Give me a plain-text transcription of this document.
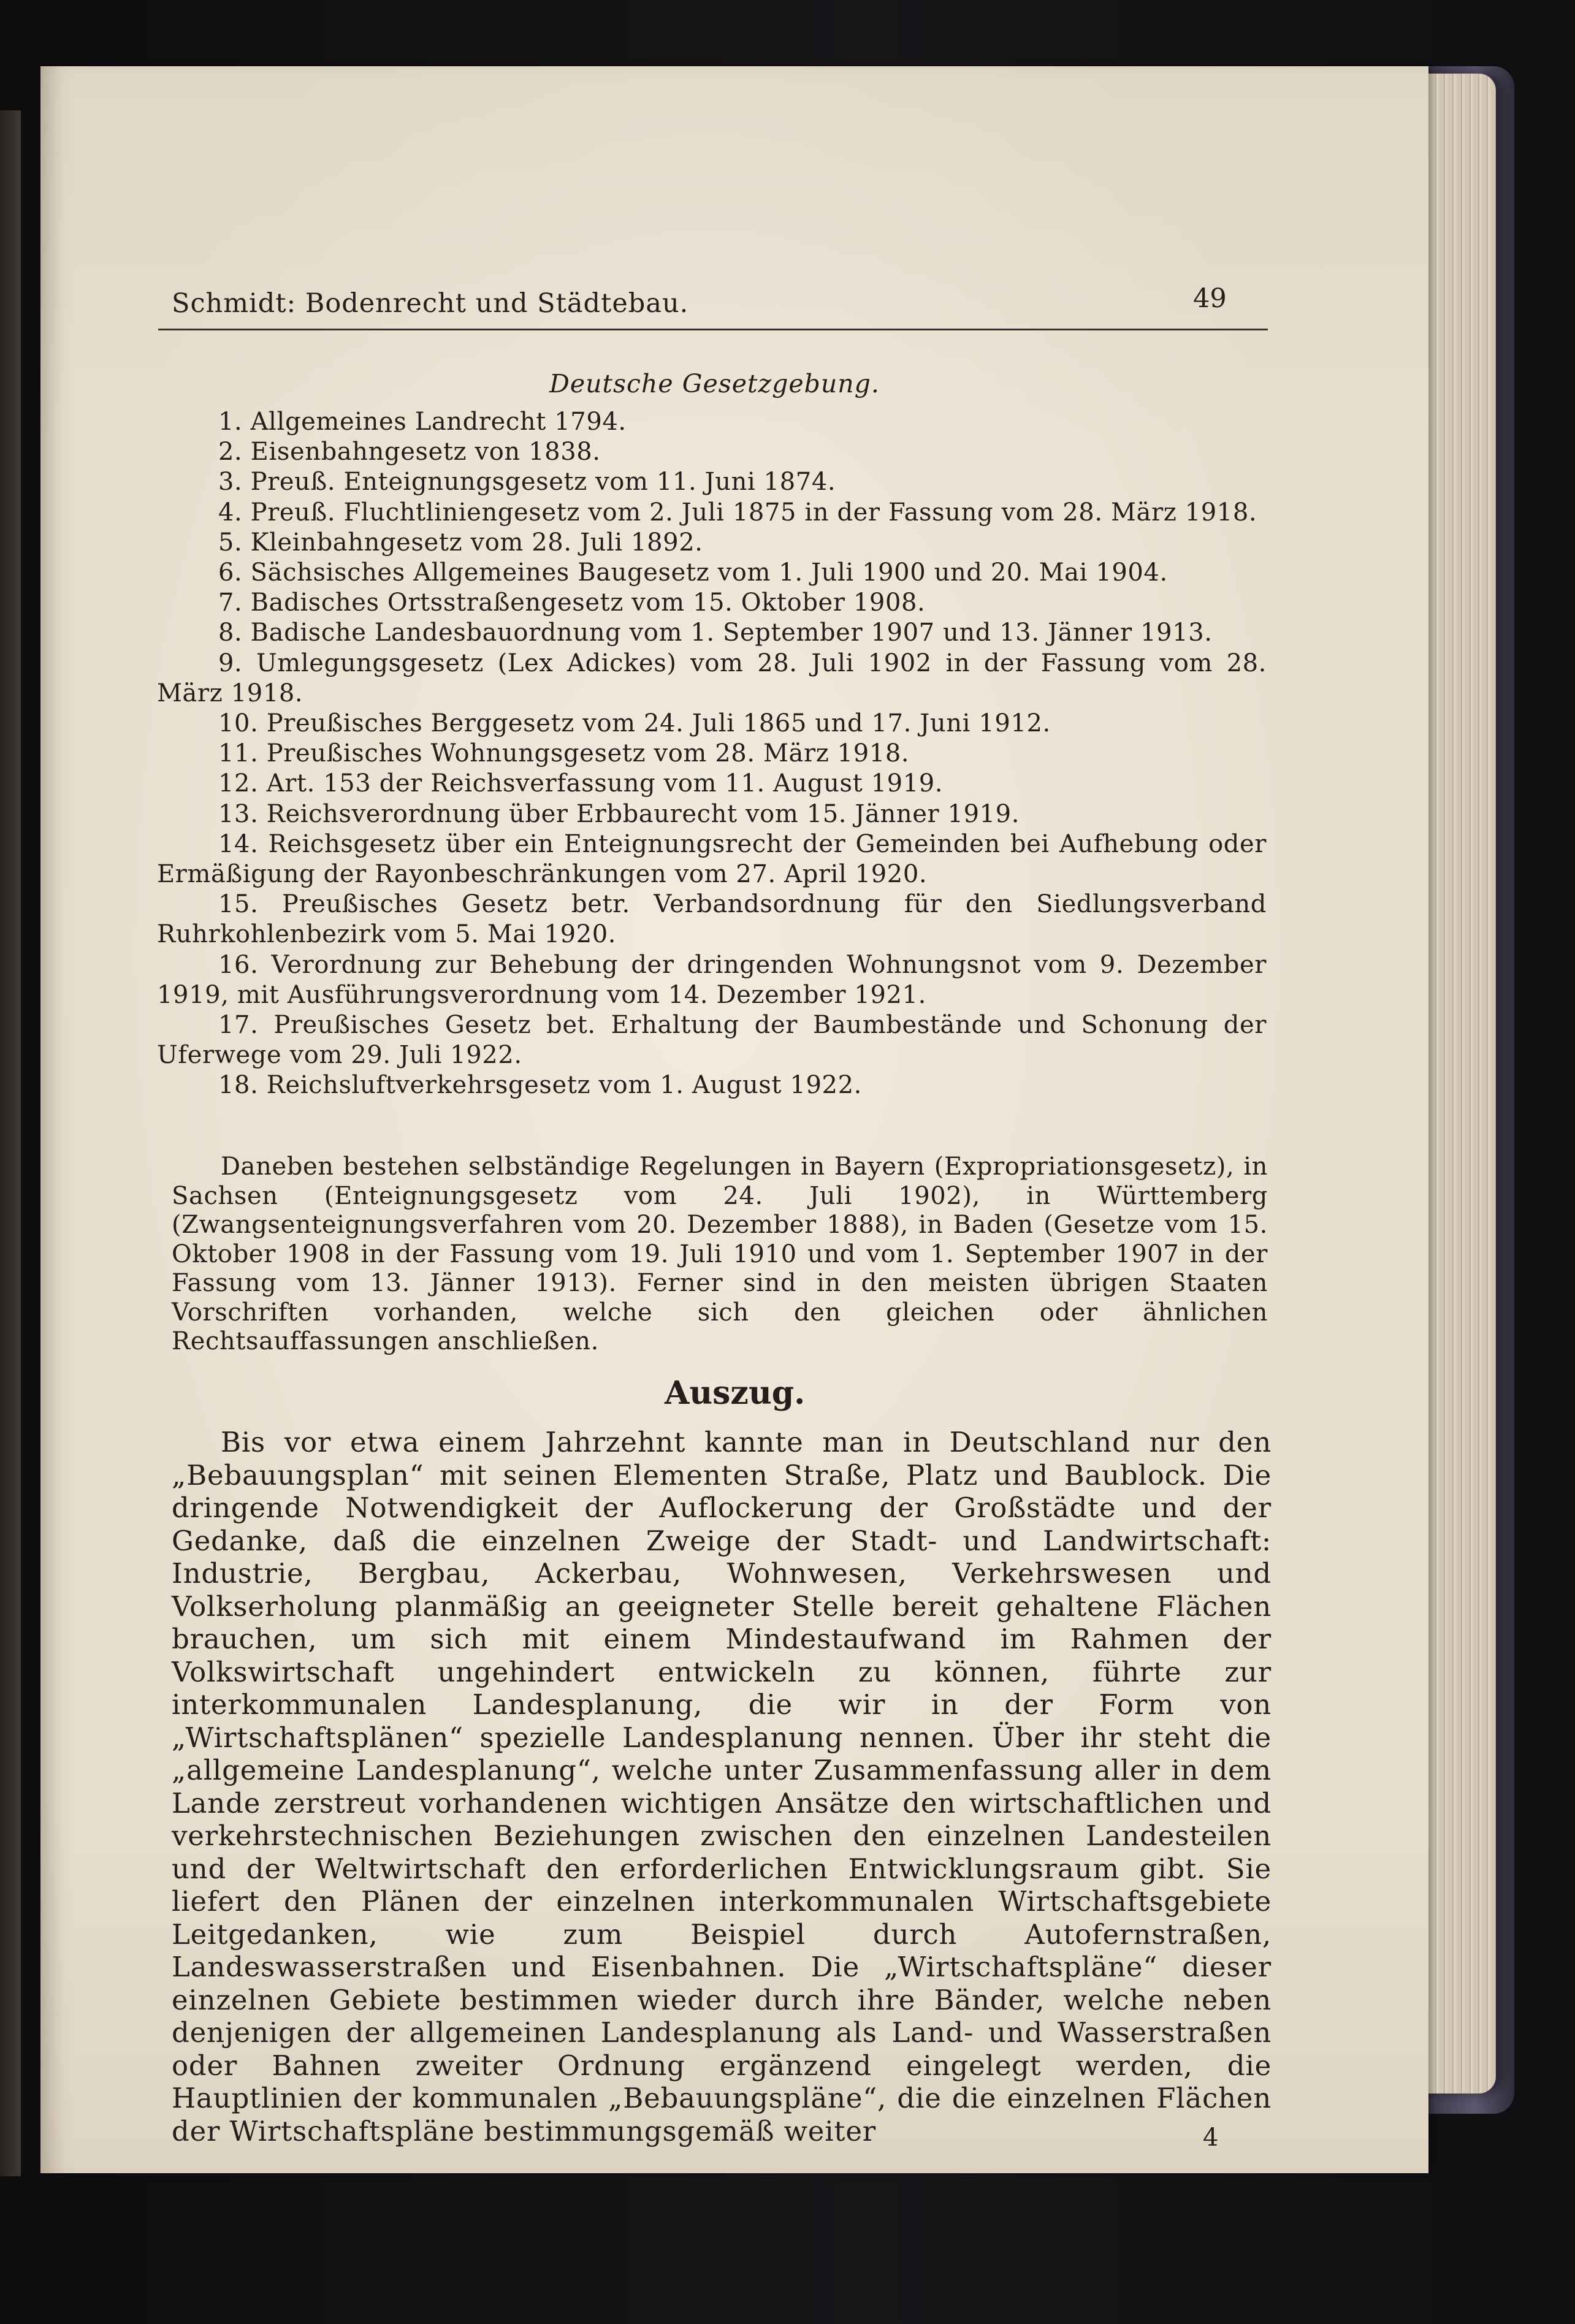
Schmidt: Bodenrecht und Städtebau.	49

Deutsche Gesetzgebung.

1. Allgemeines Landrecht 1794.
2. Eisenbahngesetz von 1838.
3. Preuß. Enteignungsgesetz vom 11. Juni 1874.
4. Preuß. Fluchtliniengesetz vom 2. Juli 1875 in der Fassung vom 28. März 1918.
5. Kleinbahngesetz vom 28. Juli 1892.
6. Sächsisches Allgemeines Baugesetz vom 1. Juli 1900 und 20. Mai 1904.
7. Badisches Ortsstraßengesetz vom 15. Oktober 1908.
8. Badische Landesbauordnung vom 1. September 1907 und 13. Jänner 1913.
9. Umlegungsgesetz (Lex Adickes) vom 28. Juli 1902 in der Fassung vom 28. März 1918.
10. Preußisches Berggesetz vom 24. Juli 1865 und 17. Juni 1912.
11. Preußisches Wohnungsgesetz vom 28. März 1918.
12. Art. 153 der Reichsverfassung vom 11. August 1919.
13. Reichsverordnung über Erbbaurecht vom 15. Jänner 1919.
14. Reichsgesetz über ein Enteignungsrecht der Gemeinden bei Aufhebung oder Ermäßigung der Rayonbeschränkungen vom 27. April 1920.
15. Preußisches Gesetz betr. Verbandsordnung für den Siedlungsverband Ruhrkohlenbezirk vom 5. Mai 1920.
16. Verordnung zur Behebung der dringenden Wohnungsnot vom 9. Dezember 1919, mit Ausführungsverordnung vom 14. Dezember 1921.
17. Preußisches Gesetz bet. Erhaltung der Baumbestände und Schonung der Uferwege vom 29. Juli 1922.
18. Reichsluftverkehrsgesetz vom 1. August 1922.

Daneben bestehen selbständige Regelungen in Bayern (Expropriationsgesetz), in Sachsen (Enteignungsgesetz vom 24. Juli 1902), in Württemberg (Zwangsenteignungsverfahren vom 20. Dezember 1888), in Baden (Gesetze vom 15. Oktober 1908 in der Fassung vom 19. Juli 1910 und vom 1. September 1907 in der Fassung vom 13. Jänner 1913). Ferner sind in den meisten übrigen Staaten Vorschriften vorhanden, welche sich den gleichen oder ähnlichen Rechtsauffassungen anschließen.

Auszug.

Bis vor etwa einem Jahrzehnt kannte man in Deutschland nur den „Bebauungsplan“ mit seinen Elementen Straße, Platz und Baublock. Die dringende Notwendigkeit der Auflockerung der Großstädte und der Gedanke, daß die einzelnen Zweige der Stadt- und Landwirtschaft: Industrie, Bergbau, Ackerbau, Wohnwesen, Verkehrswesen und Volkserholung planmäßig an geeigneter Stelle bereit gehaltene Flächen brauchen, um sich mit einem Mindestaufwand im Rahmen der Volkswirtschaft ungehindert entwickeln zu können, führte zur interkommunalen Landesplanung, die wir in der Form von „Wirtschaftsplänen“ spezielle Landesplanung nennen. Über ihr steht die „allgemeine Landesplanung“, welche unter Zusammenfassung aller in dem Lande zerstreut vorhandenen wichtigen Ansätze den wirtschaftlichen und verkehrstechnischen Beziehungen zwischen den einzelnen Landesteilen und der Weltwirtschaft den erforderlichen Entwicklungsraum gibt. Sie liefert den Plänen der einzelnen interkommunalen Wirtschaftsgebiete Leitgedanken, wie zum Beispiel durch Autofernstraßen, Landeswasserstraßen und Eisenbahnen. Die „Wirtschaftspläne“ dieser einzelnen Gebiete bestimmen wieder durch ihre Bänder, welche neben denjenigen der allgemeinen Landesplanung als Land- und Wasserstraßen oder Bahnen zweiter Ordnung ergänzend eingelegt werden, die Hauptlinien der kommunalen „Bebauungspläne“, die die einzelnen Flächen der Wirtschaftspläne bestimmungsgemäß weiter	4
